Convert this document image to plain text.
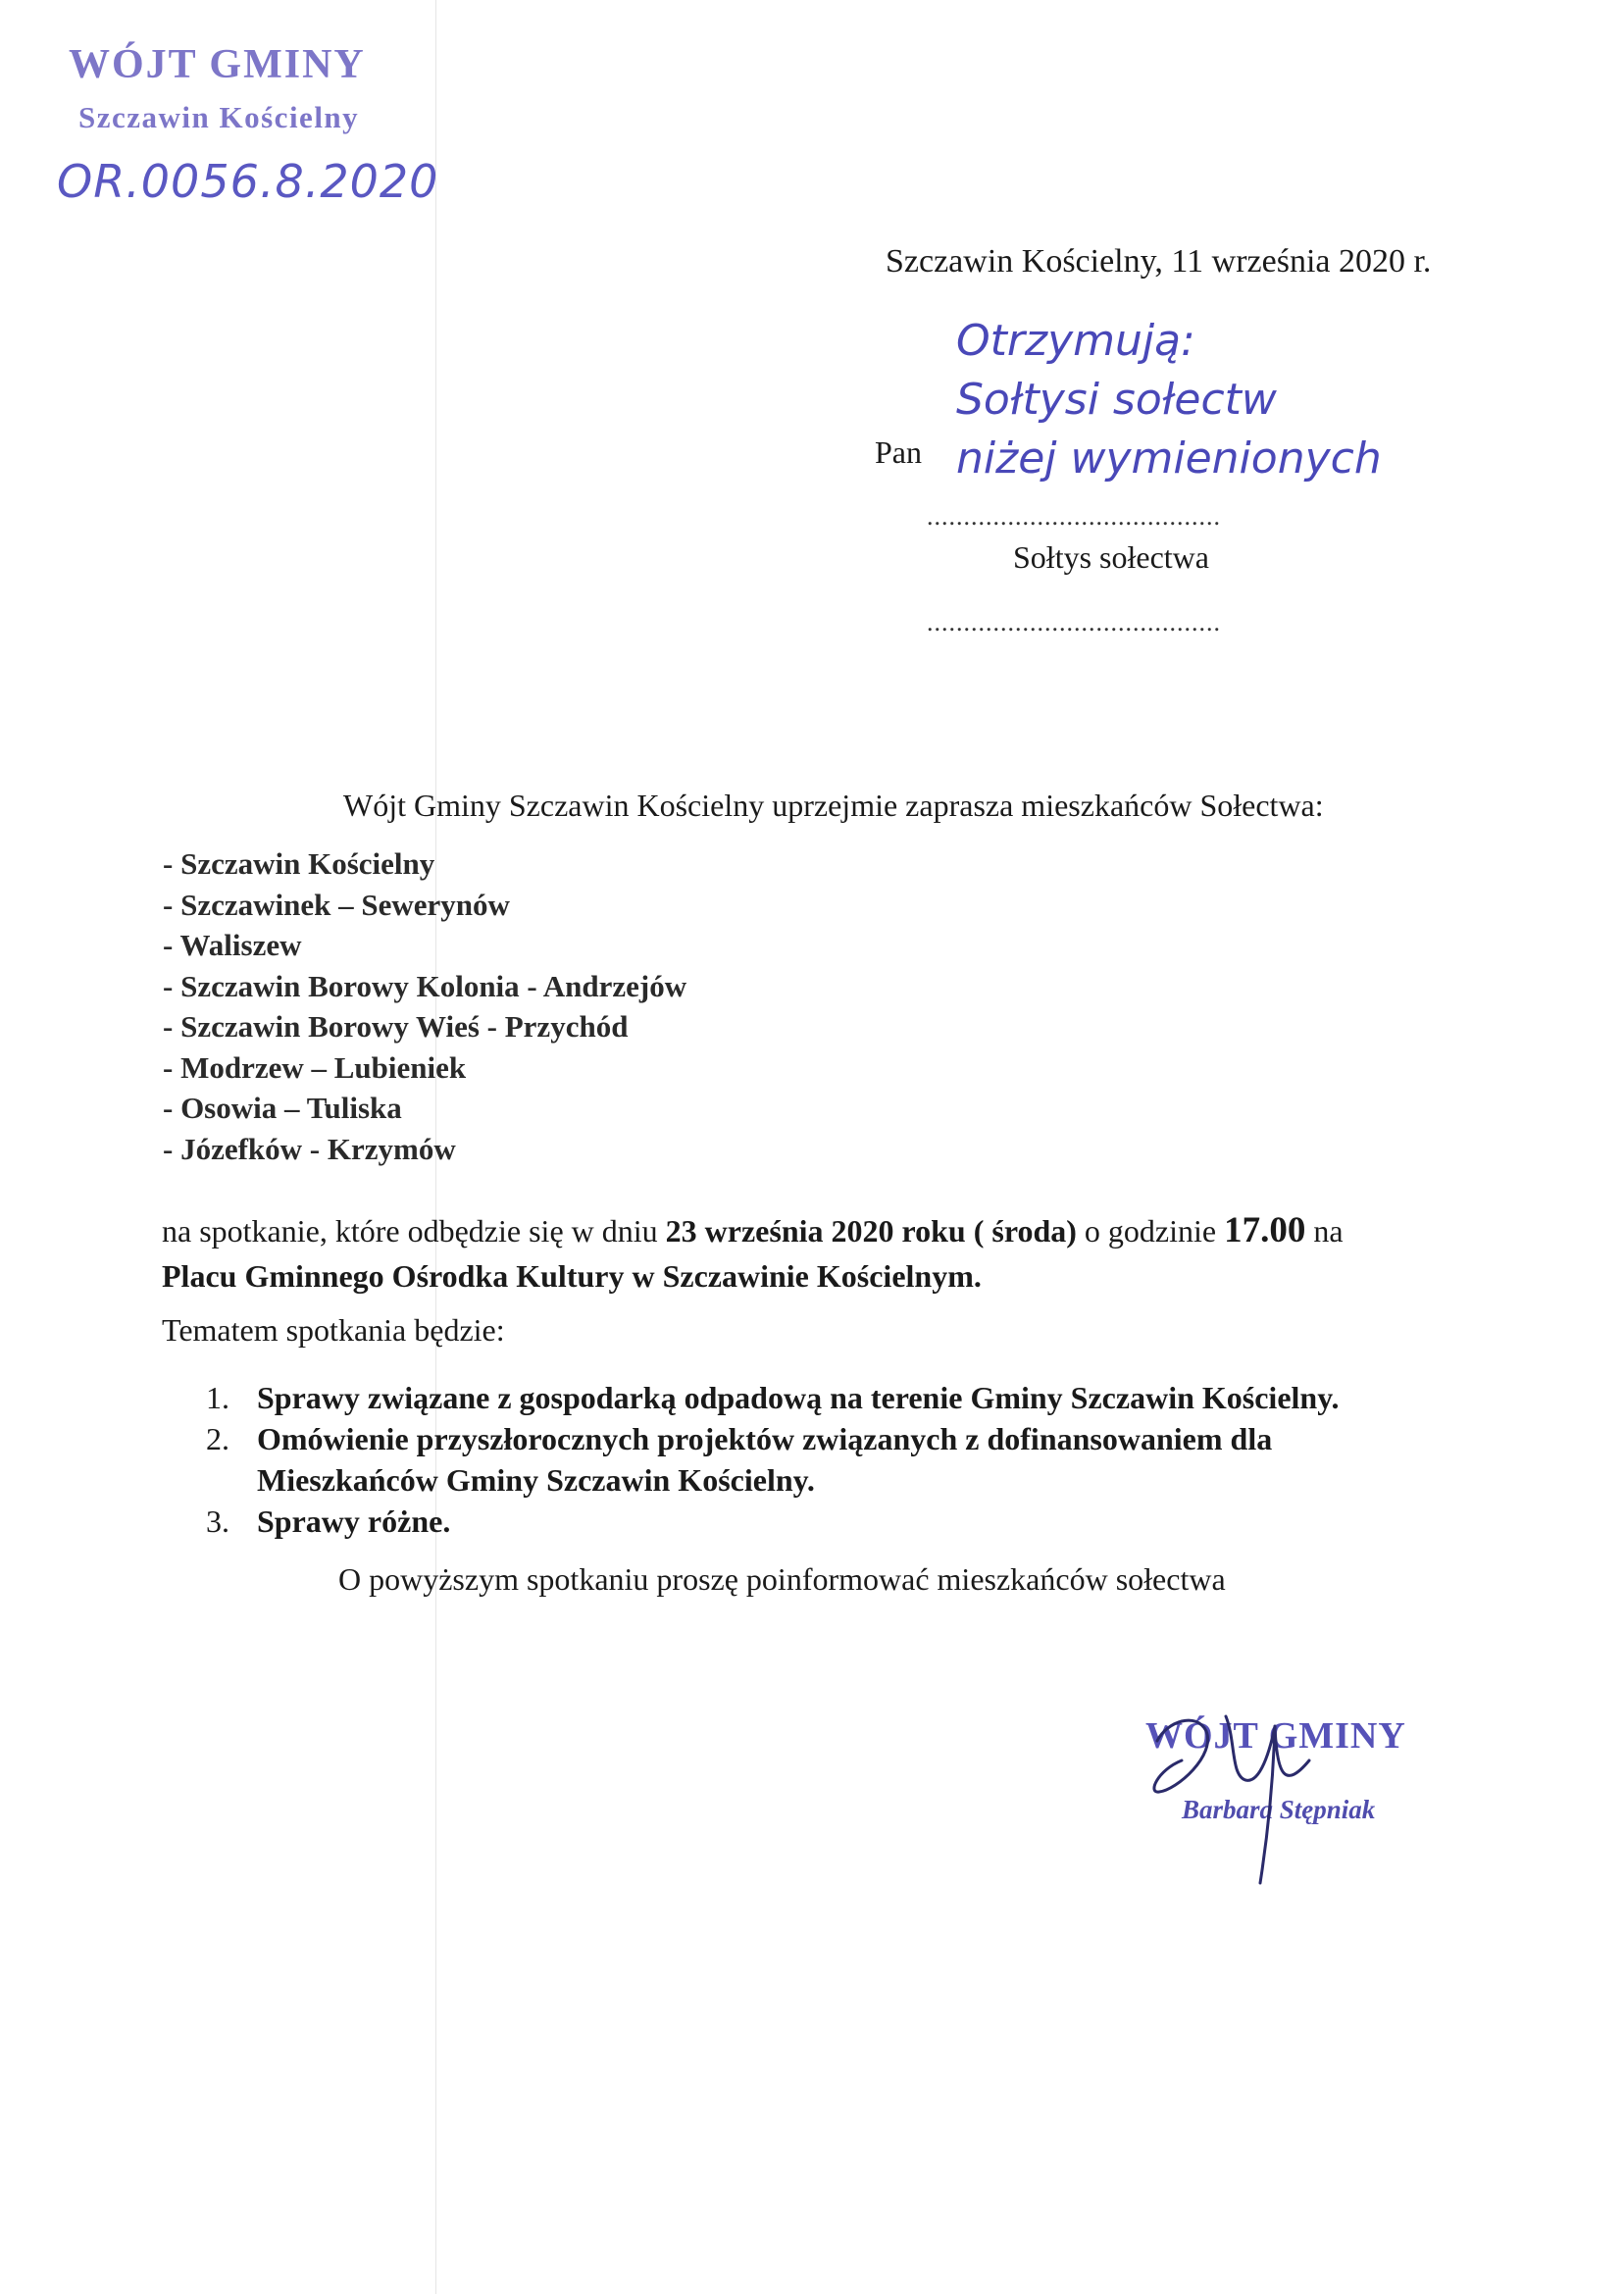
WÓJT GMINY
Szczawin Kościelny
OR.0056.8.2020
Szczawin Kościelny, 11 września 2020 r.
Otrzymują:
Sołtysi sołectw
niżej wymienionych
Pan
........................................
Sołtys sołectwa
........................................
Wójt Gminy Szczawin Kościelny uprzejmie zaprasza mieszkańców Sołectwa:
- Szczawin Kościelny
- Szczawinek – Sewerynów
- Waliszew
- Szczawin Borowy Kolonia - Andrzejów
- Szczawin Borowy Wieś - Przychód
- Modrzew – Lubieniek
- Osowia – Tuliska
- Józefków - Krzymów
na spotkanie, które odbędzie się w dniu 23 września 2020 roku ( środa) o godzinie 17.00 na
Placu Gminnego Ośrodka Kultury w Szczawinie Kościelnym.
Tematem spotkania będzie:
1. Sprawy związane z gospodarką odpadową na terenie Gminy Szczawin Kościelny.
2. Omówienie przyszłorocznych projektów związanych z dofinansowaniem dla Mieszkańców Gminy Szczawin Kościelny.
3. Sprawy różne.
O powyższym spotkaniu proszę poinformować mieszkańców sołectwa
WÓJT GMINY
Barbara Stępniak
